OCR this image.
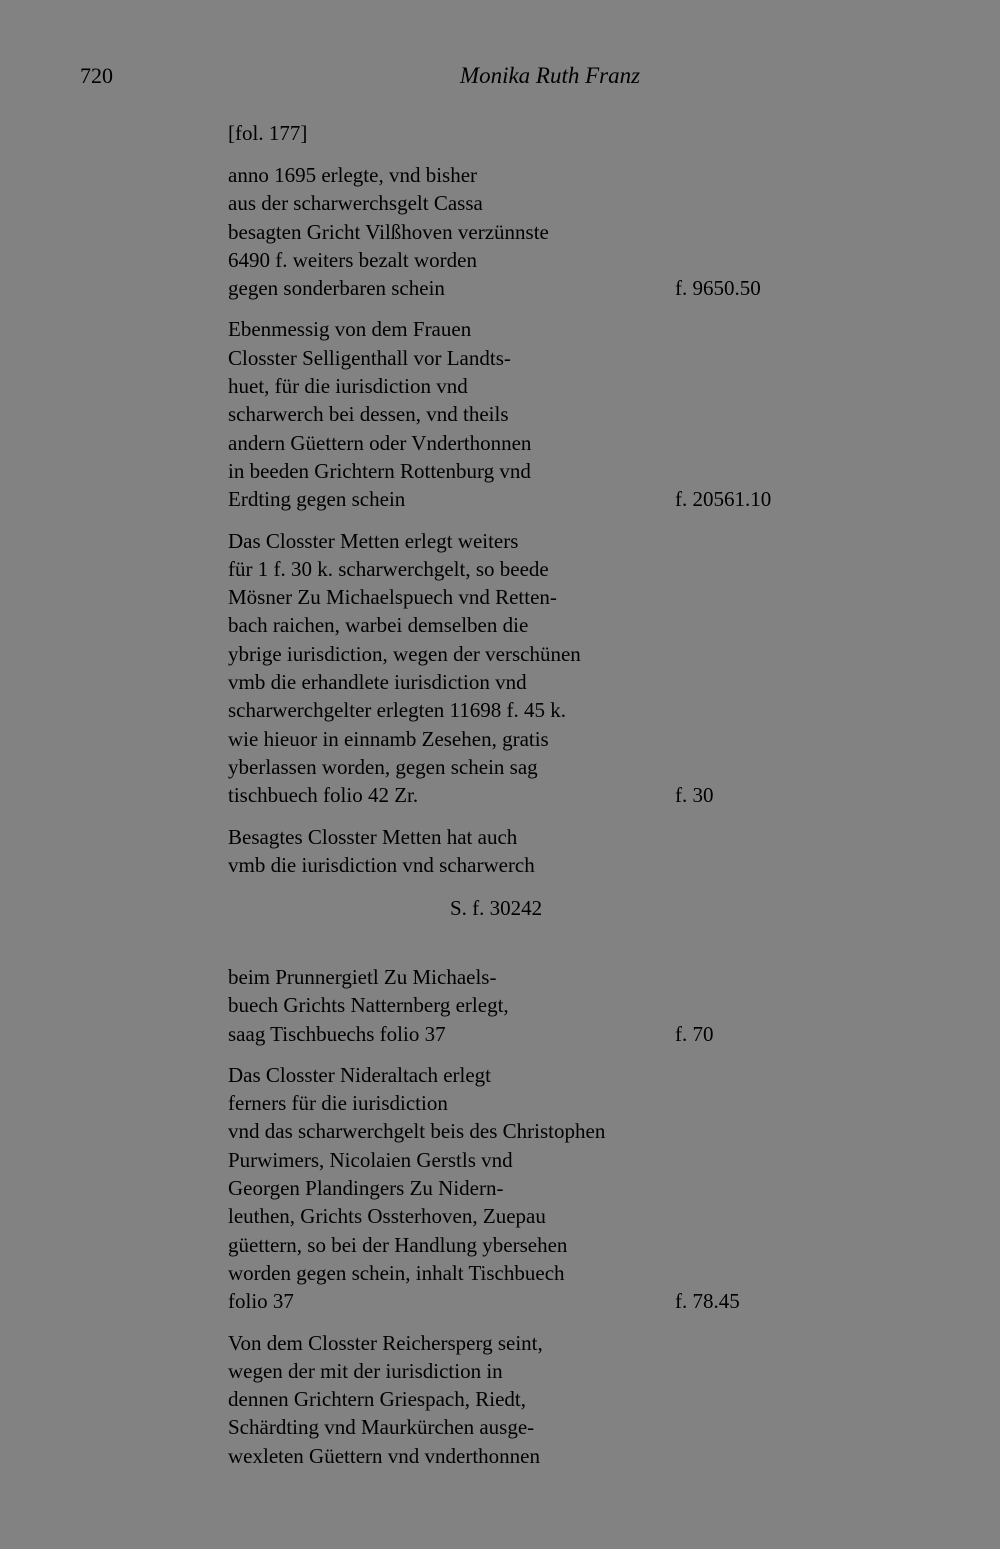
720	Monika Ruth Franz
[fol. 177]
anno 1695 erlegte, vnd bisher
aus der scharwerchsgelt Cassa
besagten Gricht Vilßhoven verzünnste
6490 f. weiters bezalt worden
gegen sonderbaren schein	f. 9650.50
Ebenmessig von dem Frauen
Closster Selligenthall vor Landts-
huet, für die iurisdiction vnd
scharwerch bei dessen, vnd theils
andern Güettern oder Vnderthonnen
in beeden Grichtern Rottenburg vnd
Erdting gegen schein	f. 20561.10
Das Closster Metten erlegt weiters
für 1 f. 30 k. scharwerchgelt, so beede
Mösner Zu Michaelspuech vnd Retten-
bach raichen, warbei demselben die
ybrige iurisdiction, wegen der verschünen
vmb die erhandlete iurisdiction vnd
scharwerchgelter erlegten 11698 f. 45 k.
wie hieuor in einnamb Zesehen, gratis
yberlassen worden, gegen schein sag
tischbuech folio 42 Zr.	f. 30
Besagtes Closster Metten hat auch
vmb die iurisdiction vnd scharwerch
S. f. 30242
beim Prunnergietl Zu Michaels-
buech Grichts Natternberg erlegt,
saag Tischbuechs folio 37	f. 70
Das Closster Nideraltach erlegt
ferners für die iurisdiction
vnd das scharwerchgelt beis des Christophen
Purwimers, Nicolaien Gerstls vnd
Georgen Plandingers Zu Nidern-
leuthen, Grichts Ossterhoven, Zuepau
güettern, so bei der Handlung ybersehen
worden gegen schein, inhalt Tischbuech
folio 37	f. 78.45
Von dem Closster Reichersperg seint,
wegen der mit der iurisdiction in
dennen Grichtern Griespach, Riedt,
Schärdting vnd Maurkürchen ausge-
wexleten Güettern vnd vnderthonnen
